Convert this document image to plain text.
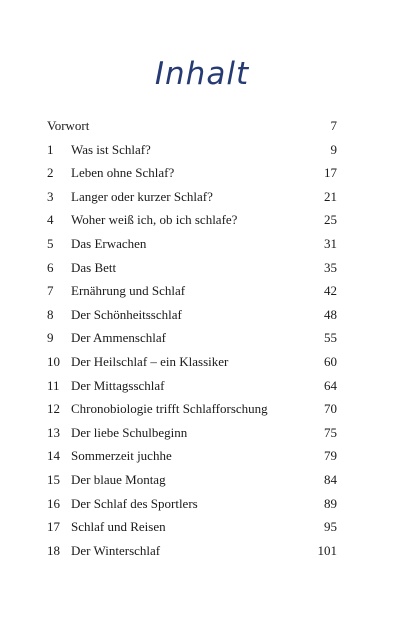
Inhalt
Vorwort	7
1 Was ist Schlaf?	9
2 Leben ohne Schlaf?	17
3 Langer oder kurzer Schlaf?	21
4 Woher weiß ich, ob ich schlafe?	25
5 Das Erwachen	31
6 Das Bett	35
7 Ernährung und Schlaf	42
8 Der Schönheitsschlaf	48
9 Der Ammenschlaf	55
10 Der Heilschlaf – ein Klassiker	60
11 Der Mittagsschlaf	64
12 Chronobiologie trifft Schlafforschung	70
13 Der liebe Schulbeginn	75
14 Sommerzeit juchhe	79
15 Der blaue Montag	84
16 Der Schlaf des Sportlers	89
17 Schlaf und Reisen	95
18 Der Winterschlaf	101
